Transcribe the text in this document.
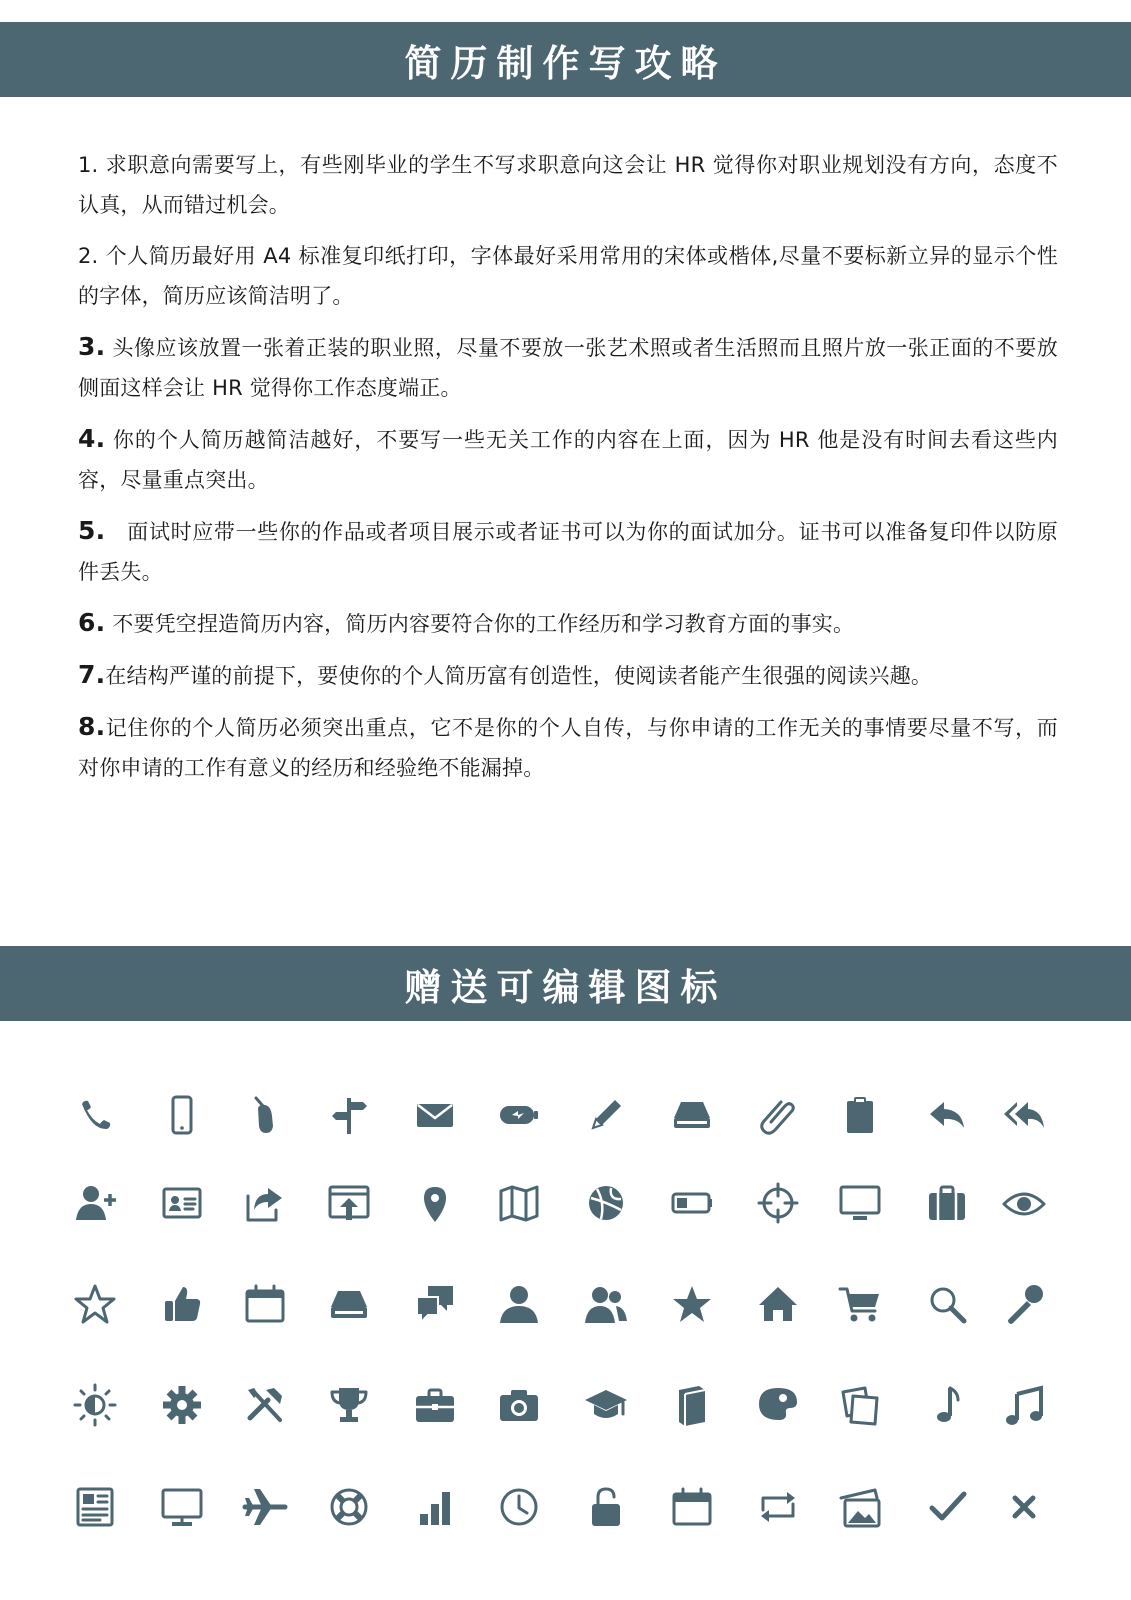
简历制作写攻略

1. 求职意向需要写上，有些刚毕业的学生不写求职意向这会让 HR 觉得你对职业规划没有方向，态度不认真，从而错过机会。

2. 个人简历最好用 A4 标准复印纸打印，字体最好采用常用的宋体或楷体,尽量不要标新立异的显示个性的字体，简历应该简洁明了。

3. 头像应该放置一张着正装的职业照，尽量不要放一张艺术照或者生活照而且照片放一张正面的不要放侧面这样会让 HR 觉得你工作态度端正。

4. 你的个人简历越简洁越好，不要写一些无关工作的内容在上面，因为 HR 他是没有时间去看这些内容，尽量重点突出。

5. 面试时应带一些你的作品或者项目展示或者证书可以为你的面试加分。证书可以准备复印件以防原件丢失。

6. 不要凭空捏造简历内容，简历内容要符合你的工作经历和学习教育方面的事实。

7.在结构严谨的前提下，要使你的个人简历富有创造性，使阅读者能产生很强的阅读兴趣。

8.记住你的个人简历必须突出重点，它不是你的个人自传，与你申请的工作无关的事情要尽量不写，而对你申请的工作有意义的经历和经验绝不能漏掉。

赠送可编辑图标
